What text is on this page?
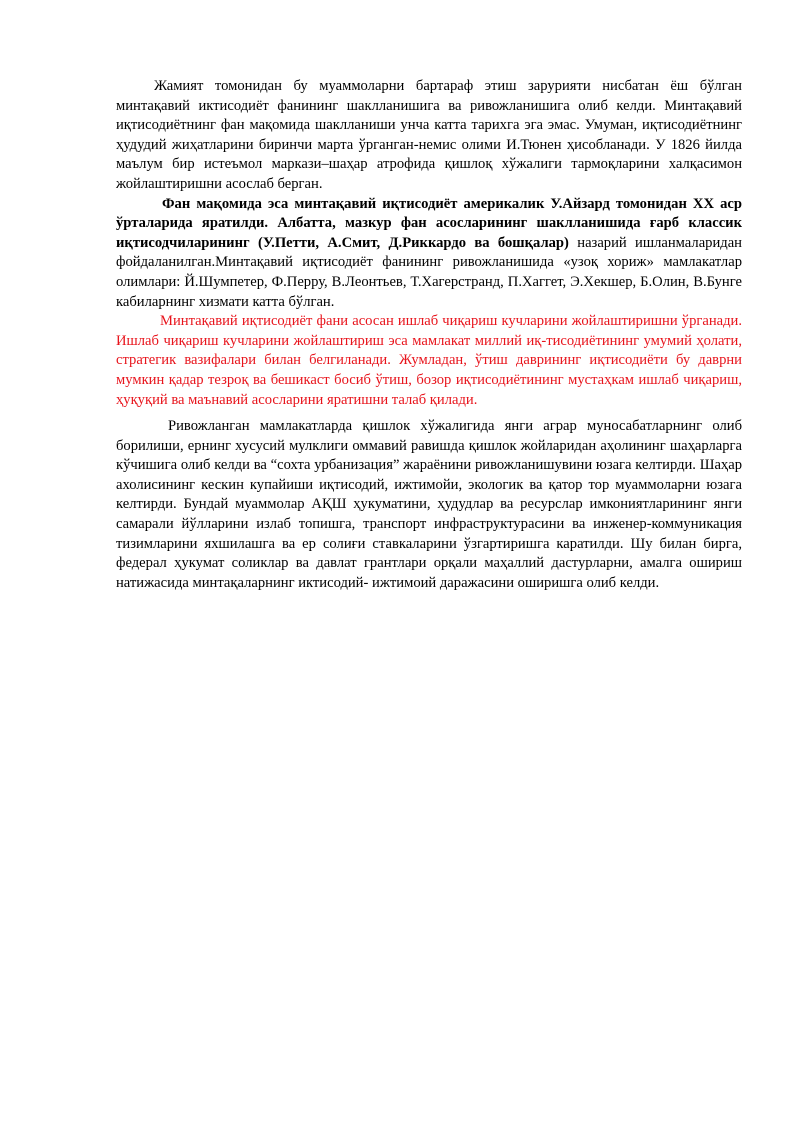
Жамият томонидан бу муаммоларни бартараф этиш зарурияти нисбатан ёш бўлган минтақавий иктисодиёт фанининг шаклланишига ва ривожланишига олиб келди. Минтақавий иқтисодиётнинг фан мақомида шаклланиши унча катта тарихга эга эмас. Умуман, иқтисодиётнинг ҳудудий жиҳатларини биринчи марта ўрганган-немис олими И.Тюнен ҳисобланади. У 1826 йилда маълум бир истеъмол маркази–шаҳар атрофида қишлоқ хўжалиги тармоқларини халқасимон жойлаштиришни асослаб берган.

Фан мақомида эса минтақавий иқтисодиёт америкалик У.Айзард томонидан ХХ аср ўрталарида яратилди. Албатта, мазкур фан асосларининг шаклланишида ғарб классик иқтисодчиларининг (У.Петти, А.Смит, Д.Риккардо ва бошқалар) назарий ишланмаларидан фойдаланилган.Минтақавий иқтисодиёт фанининг ривожланишида «узоқ хориж» мамлакатлар олимлари: Й.Шумпетер, Ф.Перру, В.Леонтьев, Т.Хагерстранд, П.Хаггет, Э.Хекшер, Б.Олин, В.Бунге кабиларнинг хизмати катта бўлган.

Минтақавий иқтисодиёт фани асосан ишлаб чиқариш кучларини жойлаштиришни ўрганади. Ишлаб чиқариш кучларини жойлаштириш эса мамлакат миллий иқ-тисодиётининг умумий ҳолати, стратегик вазифалари билан белгиланади. Жумладан, ўтиш даврининг иқтисодиёти бу даврни мумкин қадар тезроқ ва бешикаст босиб ўтиш, бозор иқтисодиётининг мустаҳкам ишлаб чиқариш, ҳуқуқий ва маънавий асосларини яратишни талаб қилади.

Ривожланган мамлакатларда қишлок хўжалигида янги аграр муносабатларнинг олиб борилиши, ернинг хусусий мулклиги оммавий равишда қишлок жойларидан аҳолининг шаҳарларга кўчишига олиб келди ва “сохта урбанизация” жараёнини ривожланишувини юзага келтирди. Шаҳар ахолисининг кескин купайиши иқтисодий, ижтимойи, экологик ва қатор тор муаммоларни юзага келтирди. Бундай муаммолар АҚШ ҳукуматини, ҳудудлар ва ресурслар имкониятларининг янги самарали йўлларини излаб топишга, транспорт инфраструктурасини ва инженер-коммуникация тизимларини яхшилашга ва ер солиғи ставкаларини ўзгартиришга каратилди. Шу билан бирга, федерал ҳукумат соликлар ва давлат грантлари орқали маҳаллий дастурларни, амалга ошириш натижасида минтақаларнинг иктисодий- ижтимоий даражасини оширишга олиб келди.
